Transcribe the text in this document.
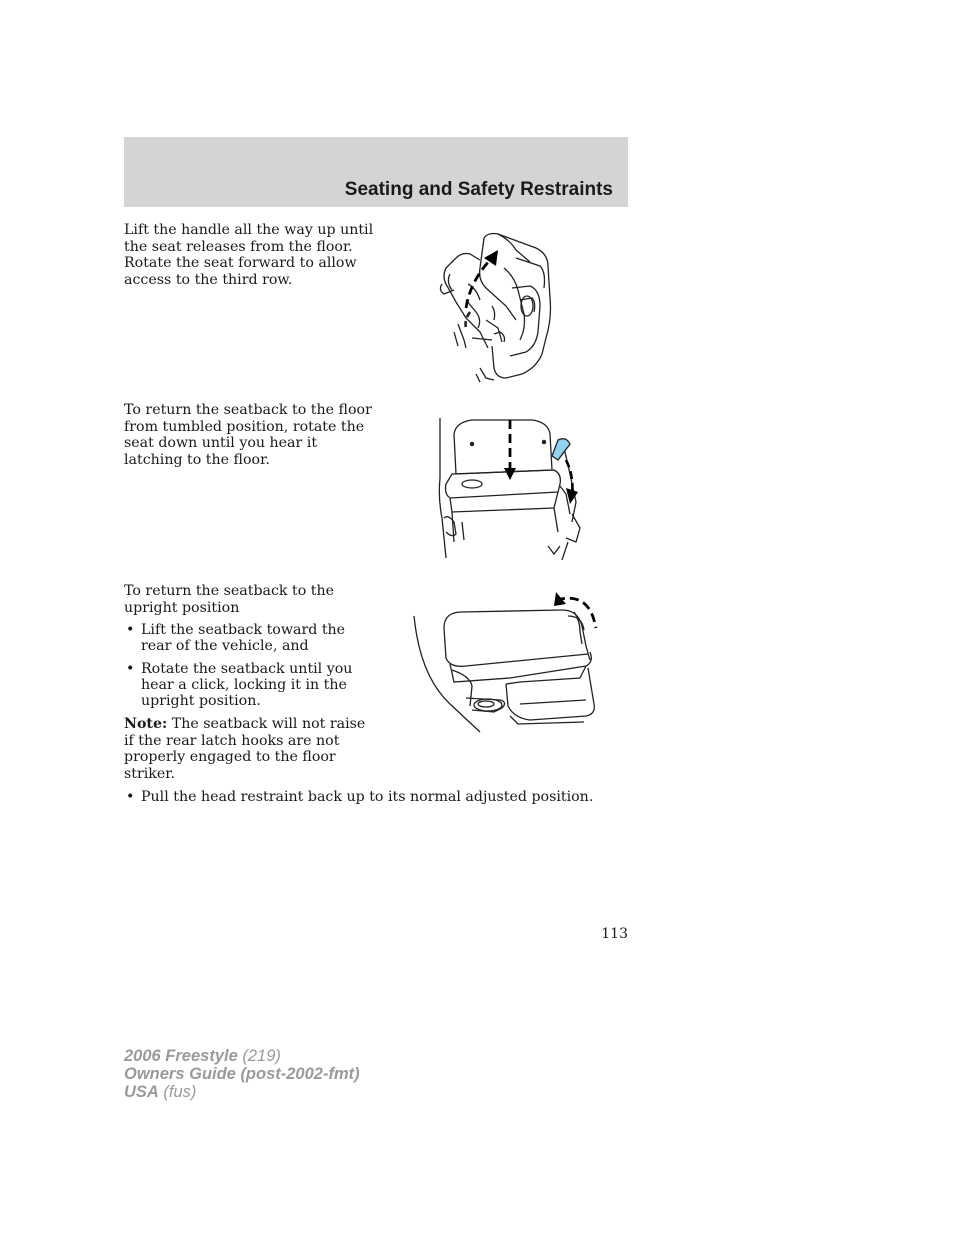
Seating and Safety Restraints

Lift the handle all the way up until the seat releases from the floor. Rotate the seat forward to allow access to the third row.

To return the seatback to the floor from tumbled position, rotate the seat down until you hear it latching to the floor.

To return the seatback to the upright position

• Lift the seatback toward the rear of the vehicle, and
• Rotate the seatback until you hear a click, locking it in the upright position.

Note: The seatback will not raise if the rear latch hooks are not properly engaged to the floor striker.

• Pull the head restraint back up to its normal adjusted position.
113
2006 Freestyle (219)
Owners Guide (post-2002-fmt)
USA (fus)
